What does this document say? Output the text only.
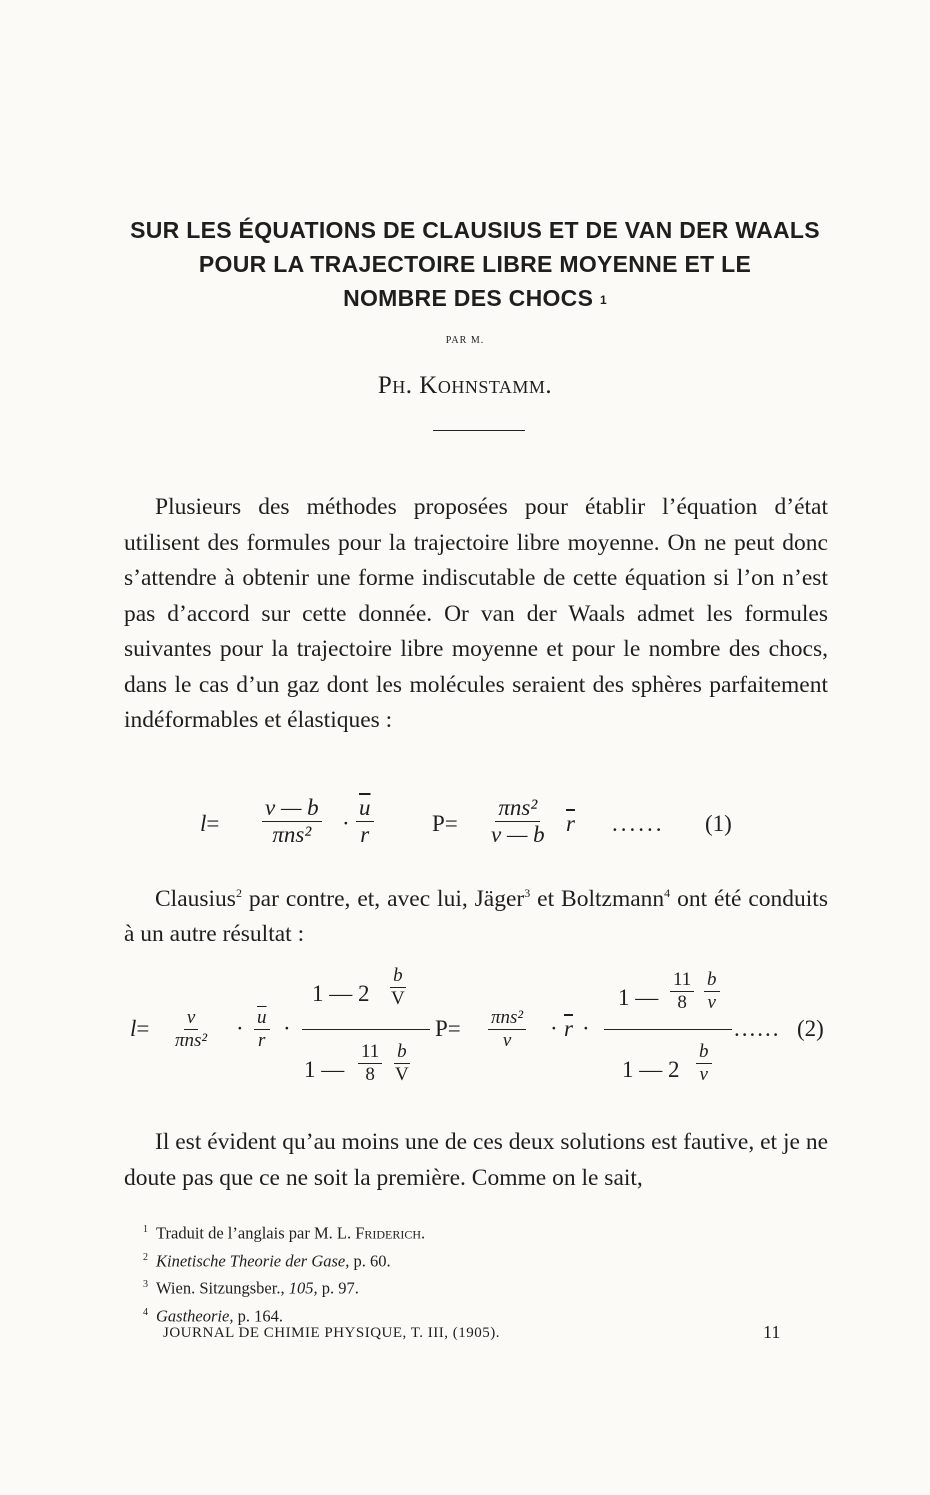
SUR LES ÉQUATIONS DE CLAUSIUS ET DE VAN DER WAALS
POUR LA TRAJECTOIRE LIBRE MOYENNE ET LE
NOMBRE DES CHOCS $^1$
PAR M.
Ph. Kohnstamm.

Plusieurs des méthodes proposées pour établir l’équation d’état utilisent des formules pour la trajectoire libre moyenne. On ne peut donc s’attendre à obtenir une forme indiscutable de cette équation si l’on n’est pas d’accord sur cette donnée. Or van der Waals admet les formules suivantes pour la trajectoire libre moyenne et pour le nombre des chocs, dans le cas d’un gaz dont les molécules seraient des sphères parfaitement indéformables et élastiques :

l=
v — b
$\pi ns^2 \cdot \frac{\overline{u}}{r}$	P=
πns²
v — b $\overline{r}$ ...... (1)

Clausius$^2$ par contre, et, avec lui, Jäger$^3$ et Boltzmann$^4$ ont été conduits à un autre résultat :

l= v
$\pi ns^2 \cdot \frac{\overline{u}}{r}$ ·
1 — $2 \frac{b}{V}$
1 — $\frac{11}{8} \frac{b}{V}$
P= πns²
$v \cdot \overline{r}$ ·
1 — $\frac{11}{8} \frac{b}{v}$
1 — $2 \frac{b}{v}$
...... (2)

Il est évident qu’au moins une de ces deux solutions est fautive, et je ne doute pas que ce ne soit la première. Comme on le sait,

$^1$ Traduit de l’anglais par M. L. Friderich.
$^2$ Kinetische Theorie der Gase, p. 60.
$^3$ Wien. Sitzungsber., 105, p. 97.
$^4$ Gastheorie, p. 164.
JOURNAL DE CHIMIE PHYSIQUE, T. III, (1905).	11
